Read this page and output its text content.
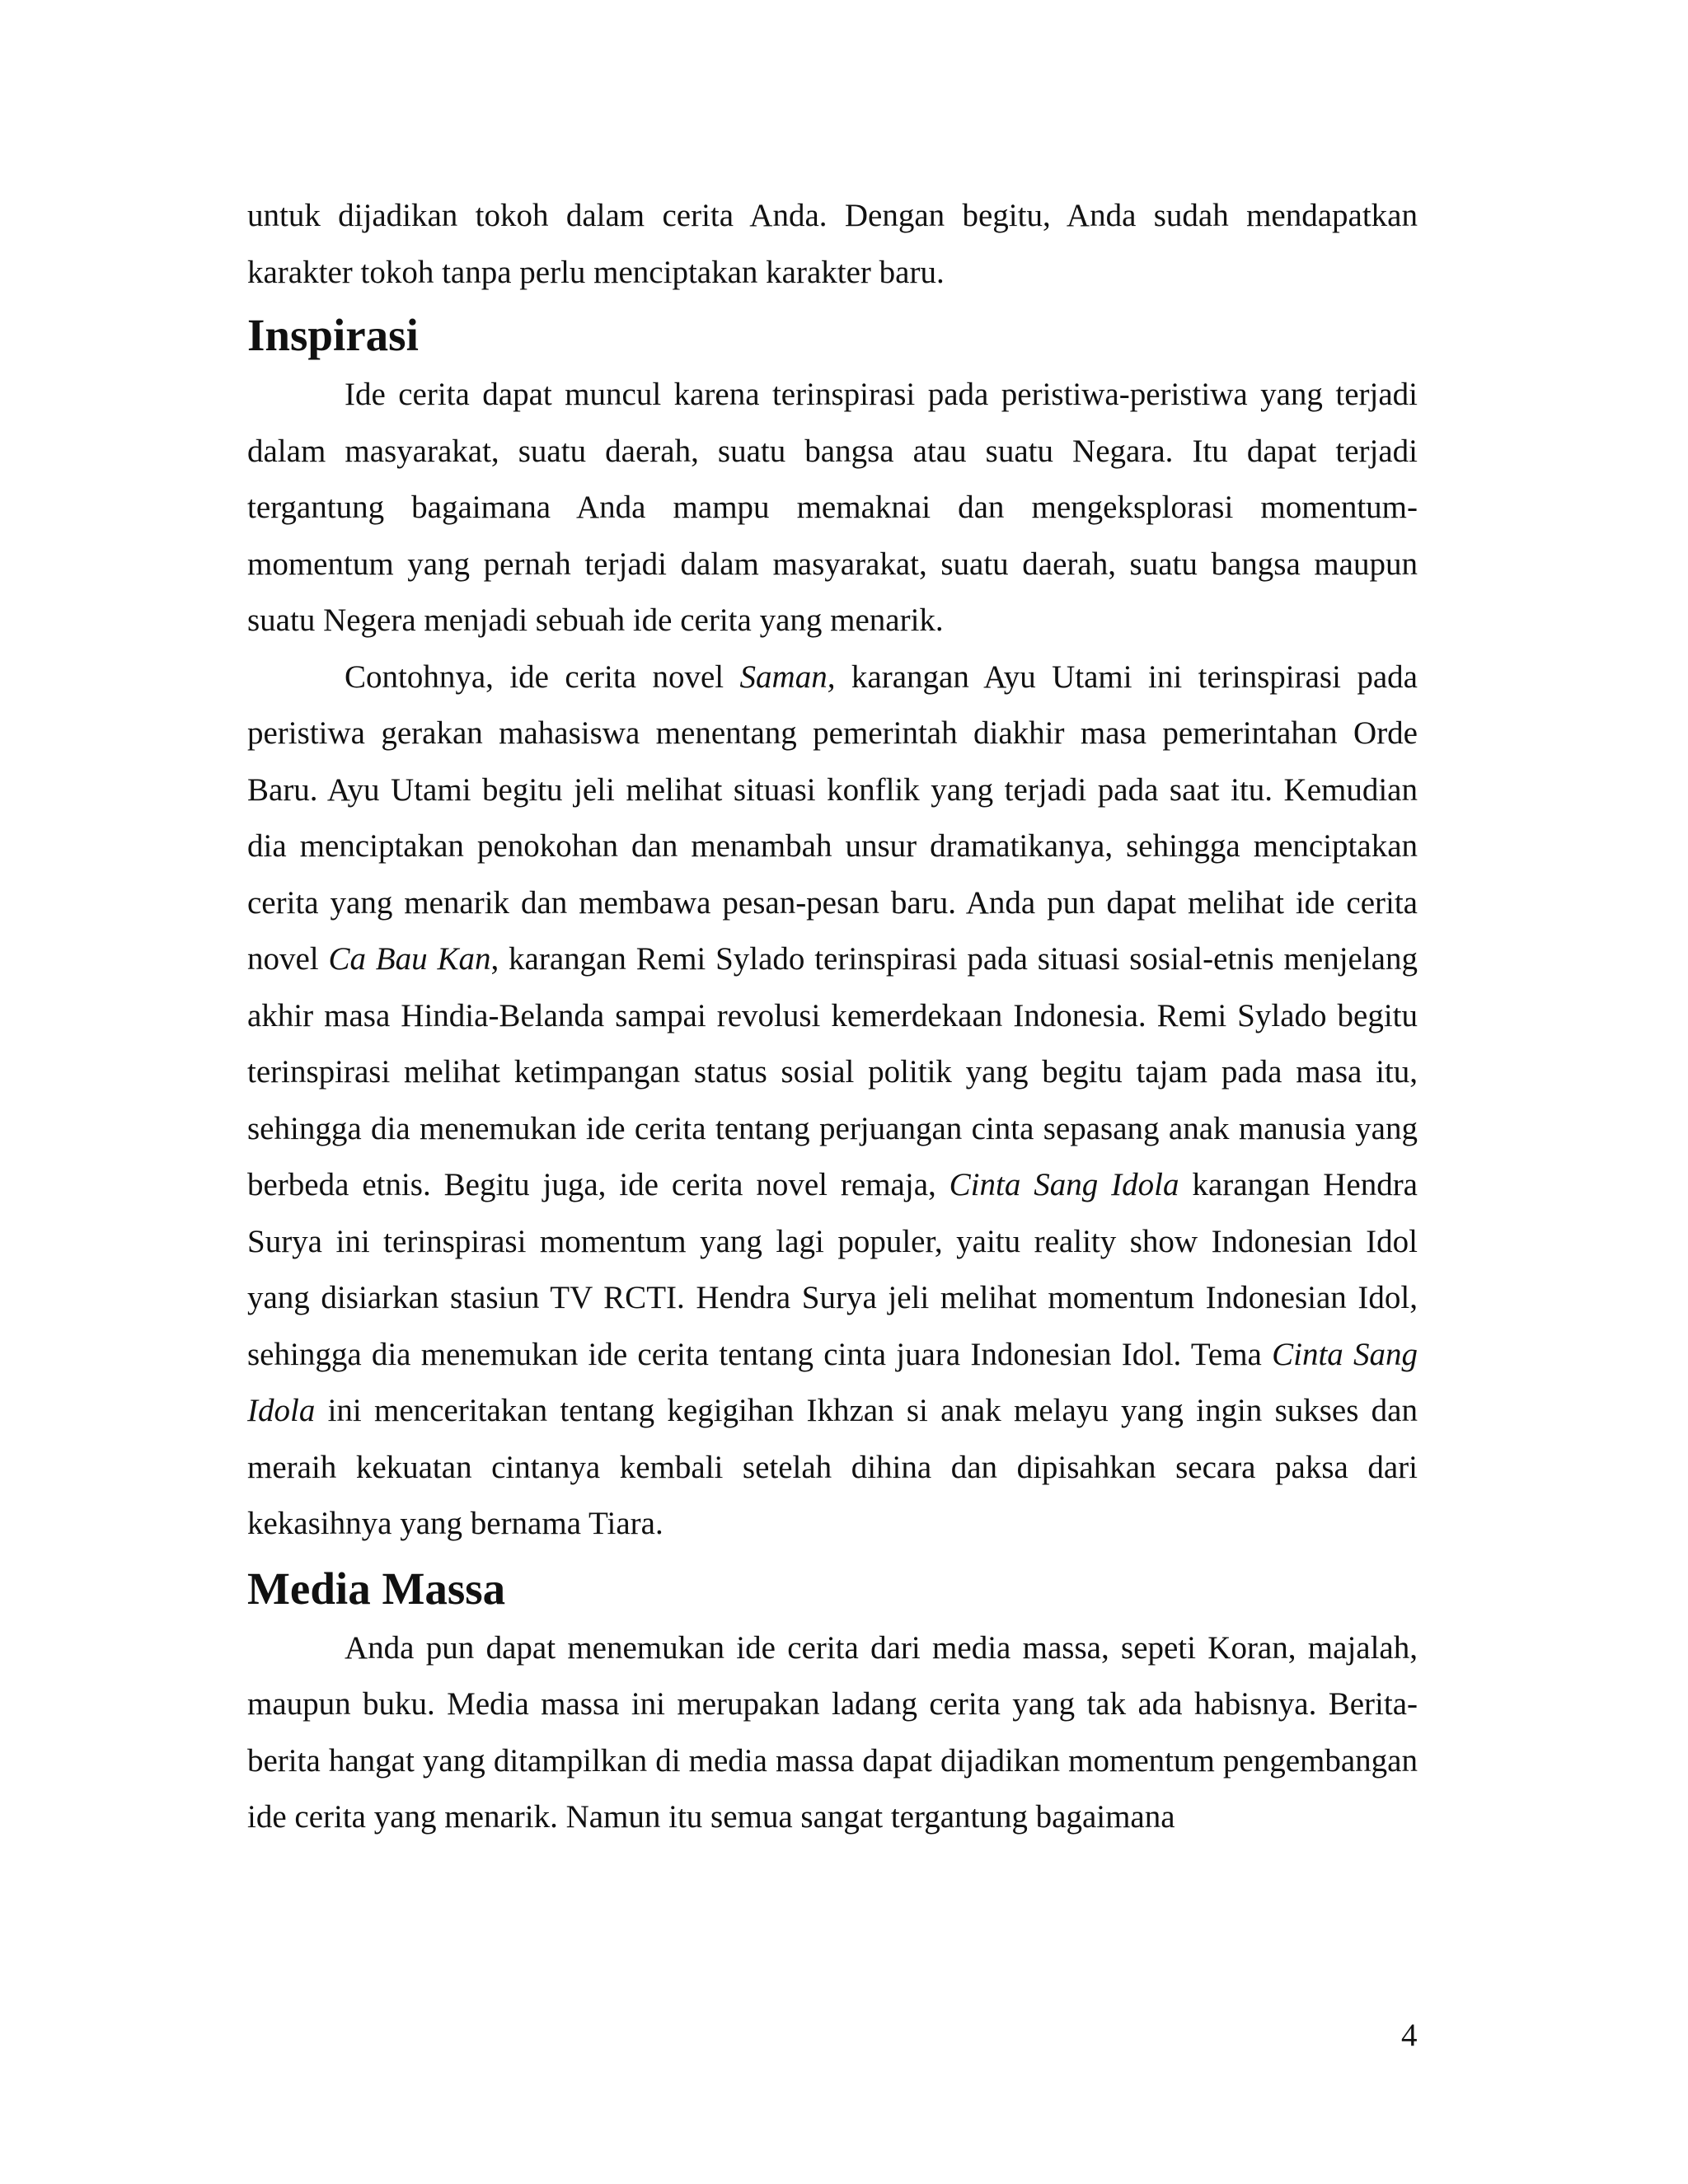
untuk dijadikan tokoh dalam cerita Anda. Dengan begitu, Anda sudah mendapatkan karakter tokoh tanpa perlu menciptakan karakter baru.

Inspirasi

Ide cerita dapat muncul karena terinspirasi pada peristiwa-peristiwa yang terjadi dalam masyarakat, suatu daerah, suatu bangsa atau suatu Negara. Itu dapat terjadi tergantung bagaimana Anda mampu memaknai dan mengeksplorasi momentum-momentum yang pernah terjadi dalam masyarakat, suatu daerah, suatu bangsa maupun suatu Negera menjadi sebuah ide cerita yang menarik.

Contohnya, ide cerita novel Saman, karangan Ayu Utami ini terinspirasi pada peristiwa gerakan mahasiswa menentang pemerintah diakhir masa pemerintahan Orde Baru. Ayu Utami begitu jeli melihat situasi konflik yang terjadi pada saat itu. Kemudian dia menciptakan penokohan dan menambah unsur dramatikanya, sehingga menciptakan cerita yang menarik dan membawa pesan-pesan baru. Anda pun dapat melihat ide cerita novel Ca Bau Kan, karangan Remi Sylado terinspirasi pada situasi sosial-etnis menjelang akhir masa Hindia-Belanda sampai revolusi kemerdekaan Indonesia. Remi Sylado begitu terinspirasi melihat ketimpangan status sosial politik yang begitu tajam pada masa itu, sehingga dia menemukan ide cerita tentang perjuangan cinta sepasang anak manusia yang berbeda etnis. Begitu juga, ide cerita novel remaja, Cinta Sang Idola karangan Hendra Surya ini terinspirasi momentum yang lagi populer, yaitu reality show Indonesian Idol yang disiarkan stasiun TV RCTI. Hendra Surya jeli melihat momentum Indonesian Idol, sehingga dia menemukan ide cerita tentang cinta juara Indonesian Idol. Tema Cinta Sang Idola ini menceritakan tentang kegigihan Ikhzan si anak melayu yang ingin sukses dan meraih kekuatan cintanya kembali setelah dihina dan dipisahkan secara paksa dari kekasihnya yang bernama Tiara.

Media Massa

Anda pun dapat menemukan ide cerita dari media massa, sepeti Koran, majalah, maupun buku. Media massa ini merupakan ladang cerita yang tak ada habisnya. Berita-berita hangat yang ditampilkan di media massa dapat dijadikan momentum pengembangan ide cerita yang menarik. Namun itu semua sangat tergantung bagaimana

4
